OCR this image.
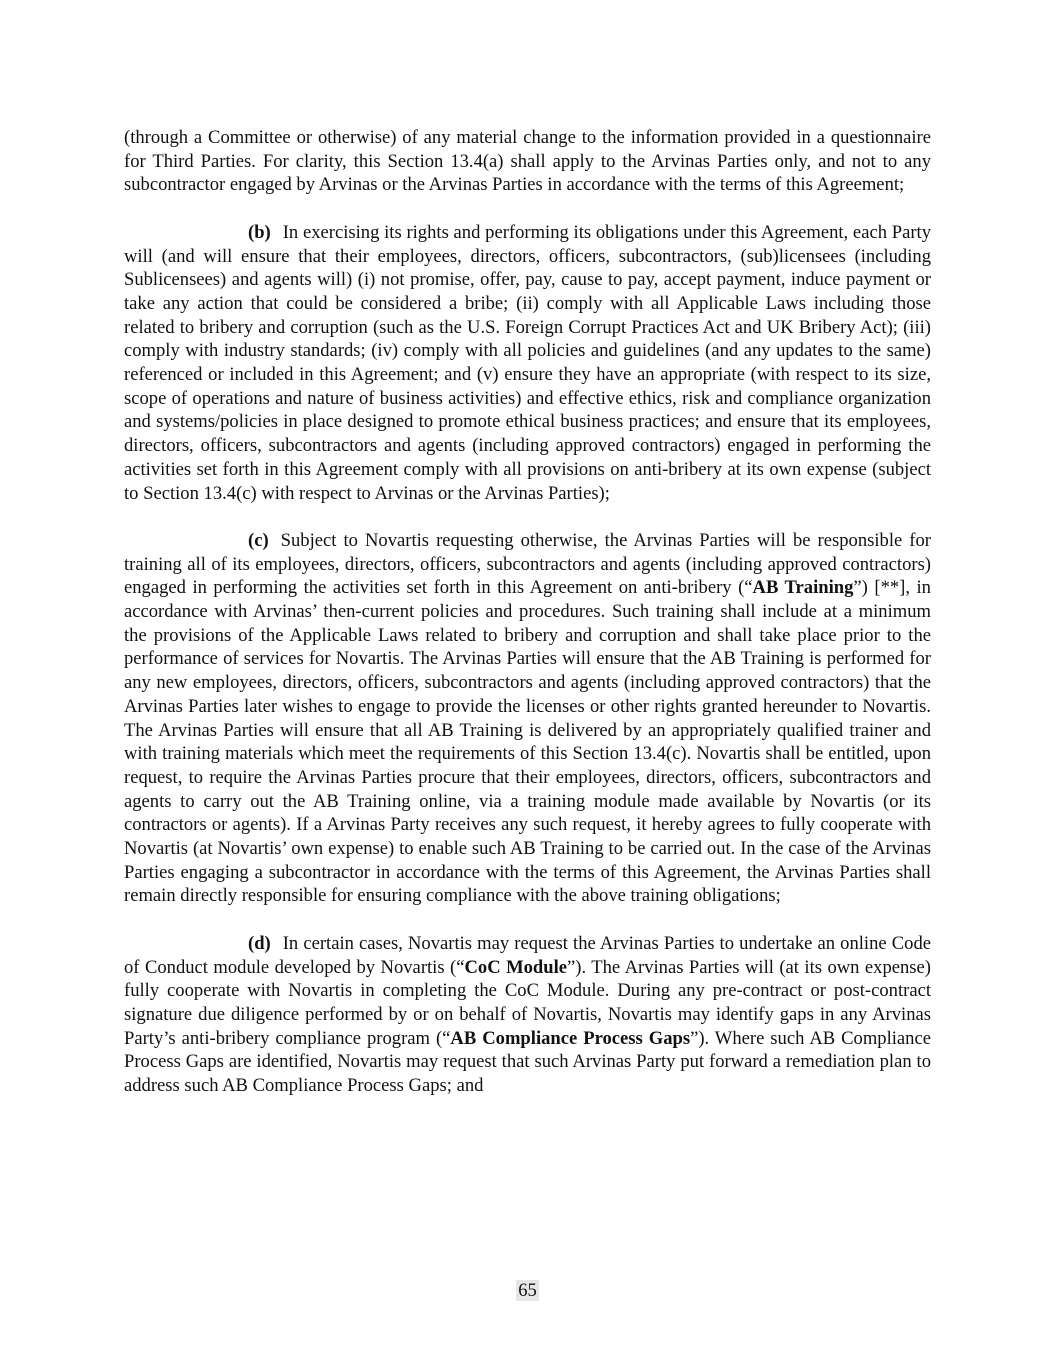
(through a Committee or otherwise) of any material change to the information provided in a questionnaire for Third Parties. For clarity, this Section 13.4(a) shall apply to the Arvinas Parties only, and not to any subcontractor engaged by Arvinas or the Arvinas Parties in accordance with the terms of this Agreement;

(b) In exercising its rights and performing its obligations under this Agreement, each Party will (and will ensure that their employees, directors, officers, subcontractors, (sub)licensees (including Sublicensees) and agents will) (i) not promise, offer, pay, cause to pay, accept payment, induce payment or take any action that could be considered a bribe; (ii) comply with all Applicable Laws including those related to bribery and corruption (such as the U.S. Foreign Corrupt Practices Act and UK Bribery Act); (iii) comply with industry standards; (iv) comply with all policies and guidelines (and any updates to the same) referenced or included in this Agreement; and (v) ensure they have an appropriate (with respect to its size, scope of operations and nature of business activities) and effective ethics, risk and compliance organization and systems/policies in place designed to promote ethical business practices; and ensure that its employees, directors, officers, subcontractors and agents (including approved contractors) engaged in performing the activities set forth in this Agreement comply with all provisions on anti-bribery at its own expense (subject to Section 13.4(c) with respect to Arvinas or the Arvinas Parties);

(c) Subject to Novartis requesting otherwise, the Arvinas Parties will be responsible for training all of its employees, directors, officers, subcontractors and agents (including approved contractors) engaged in performing the activities set forth in this Agreement on anti-bribery (“AB Training”) [**], in accordance with Arvinas’ then-current policies and procedures. Such training shall include at a minimum the provisions of the Applicable Laws related to bribery and corruption and shall take place prior to the performance of services for Novartis. The Arvinas Parties will ensure that the AB Training is performed for any new employees, directors, officers, subcontractors and agents (including approved contractors) that the Arvinas Parties later wishes to engage to provide the licenses or other rights granted hereunder to Novartis. The Arvinas Parties will ensure that all AB Training is delivered by an appropriately qualified trainer and with training materials which meet the requirements of this Section 13.4(c). Novartis shall be entitled, upon request, to require the Arvinas Parties procure that their employees, directors, officers, subcontractors and agents to carry out the AB Training online, via a training module made available by Novartis (or its contractors or agents). If a Arvinas Party receives any such request, it hereby agrees to fully cooperate with Novartis (at Novartis’ own expense) to enable such AB Training to be carried out. In the case of the Arvinas Parties engaging a subcontractor in accordance with the terms of this Agreement, the Arvinas Parties shall remain directly responsible for ensuring compliance with the above training obligations;

(d) In certain cases, Novartis may request the Arvinas Parties to undertake an online Code of Conduct module developed by Novartis (“CoC Module”). The Arvinas Parties will (at its own expense) fully cooperate with Novartis in completing the CoC Module. During any pre-contract or post-contract signature due diligence performed by or on behalf of Novartis, Novartis may identify gaps in any Arvinas Party’s anti-bribery compliance program (“AB Compliance Process Gaps”). Where such AB Compliance Process Gaps are identified, Novartis may request that such Arvinas Party put forward a remediation plan to address such AB Compliance Process Gaps; and

65
